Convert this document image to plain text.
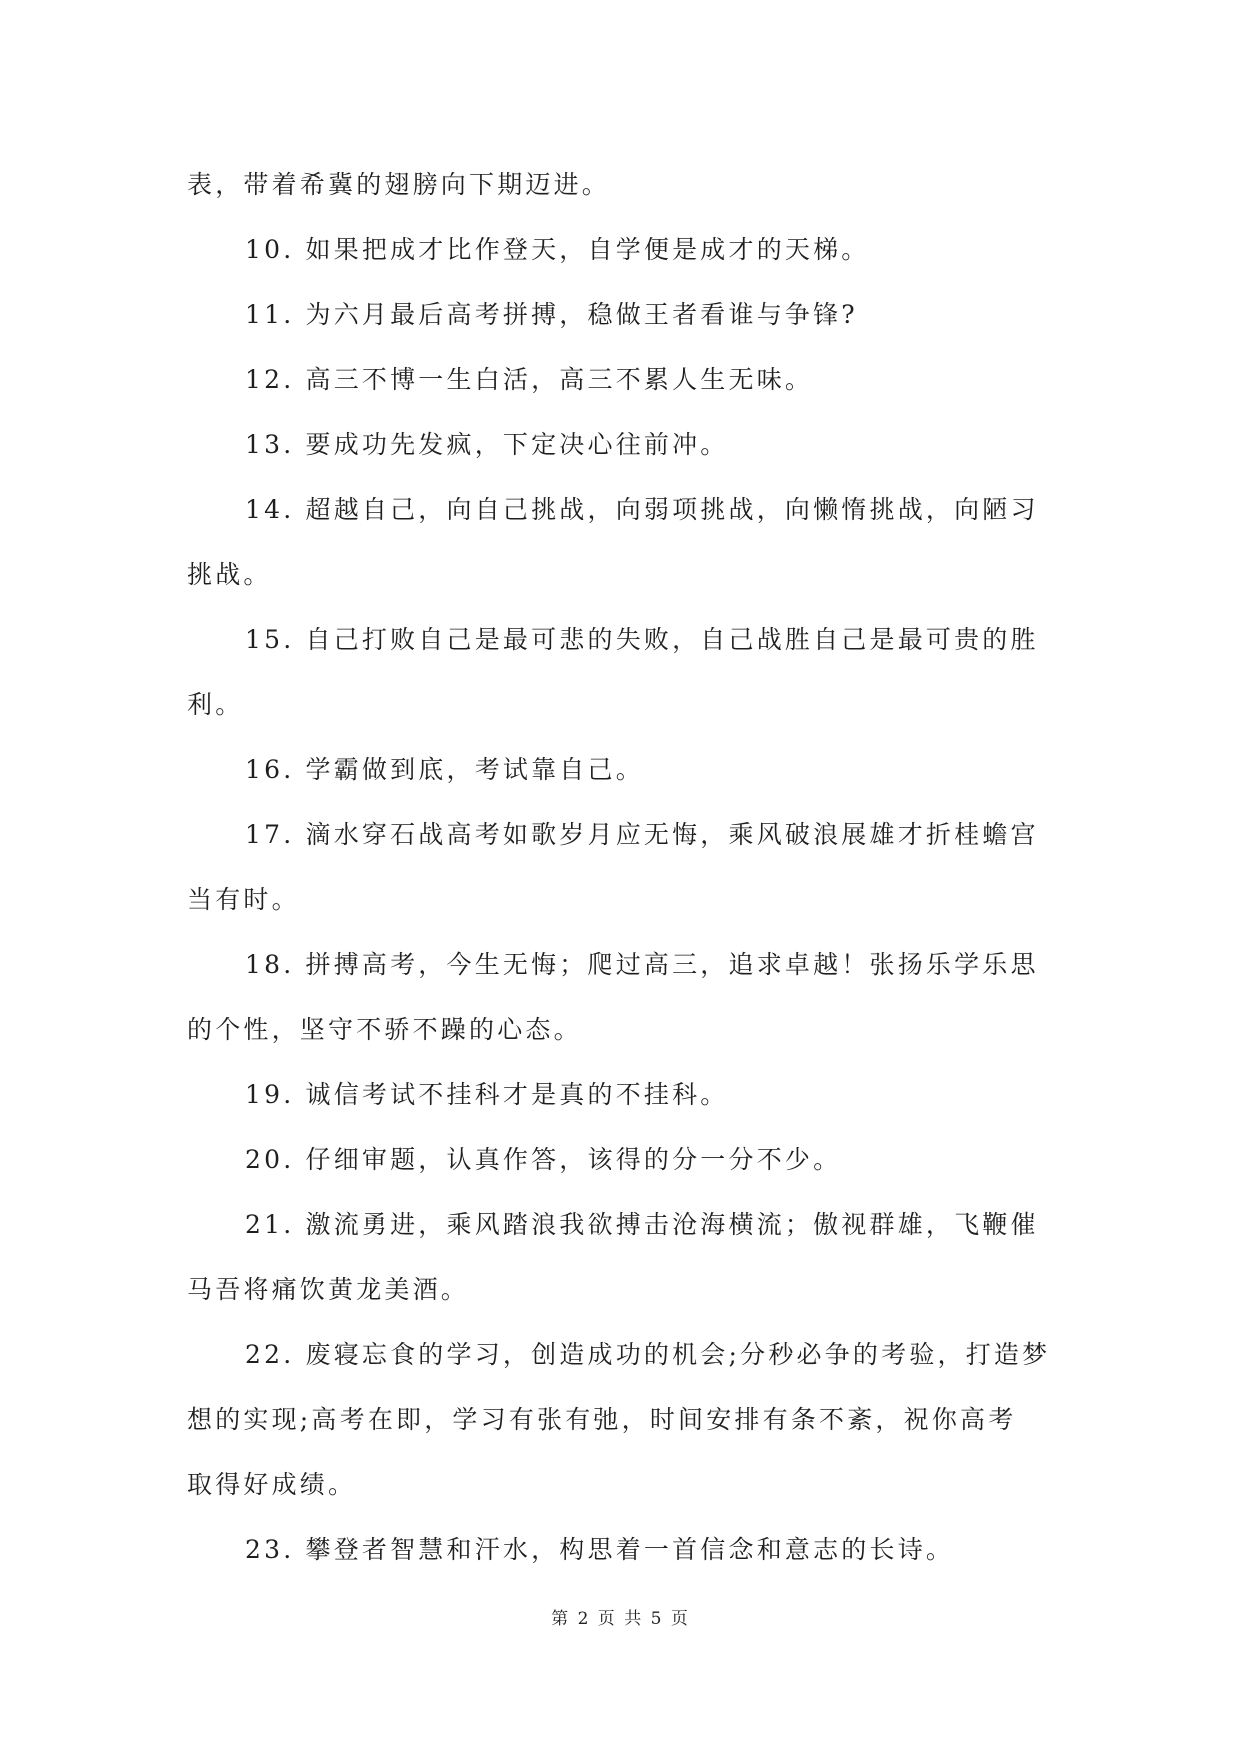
表，带着希冀的翅膀向下期迈进。
10. 如果把成才比作登天，自学便是成才的天梯。
11. 为六月最后高考拼搏，稳做王者看谁与争锋?
12. 高三不博一生白活，高三不累人生无味。
13. 要成功先发疯，下定决心往前冲。
14. 超越自己，向自己挑战，向弱项挑战，向懒惰挑战，向陋习
挑战。
15. 自己打败自己是最可悲的失败，自己战胜自己是最可贵的胜
利。
16. 学霸做到底，考试靠自己。
17. 滴水穿石战高考如歌岁月应无悔，乘风破浪展雄才折桂蟾宫
当有时。
18. 拼搏高考，今生无悔；爬过高三，追求卓越！张扬乐学乐思
的个性，坚守不骄不躁的心态。
19. 诚信考试不挂科才是真的不挂科。
20. 仔细审题，认真作答，该得的分一分不少。
21. 激流勇进，乘风踏浪我欲搏击沧海横流；傲视群雄，飞鞭催
马吾将痛饮黄龙美酒。
22. 废寝忘食的学习，创造成功的机会;分秒必争的考验，打造梦
想的实现;高考在即，学习有张有弛，时间安排有条不紊，祝你高考
取得好成绩。
23. 攀登者智慧和汗水，构思着一首信念和意志的长诗。
第 2 页 共 5 页
